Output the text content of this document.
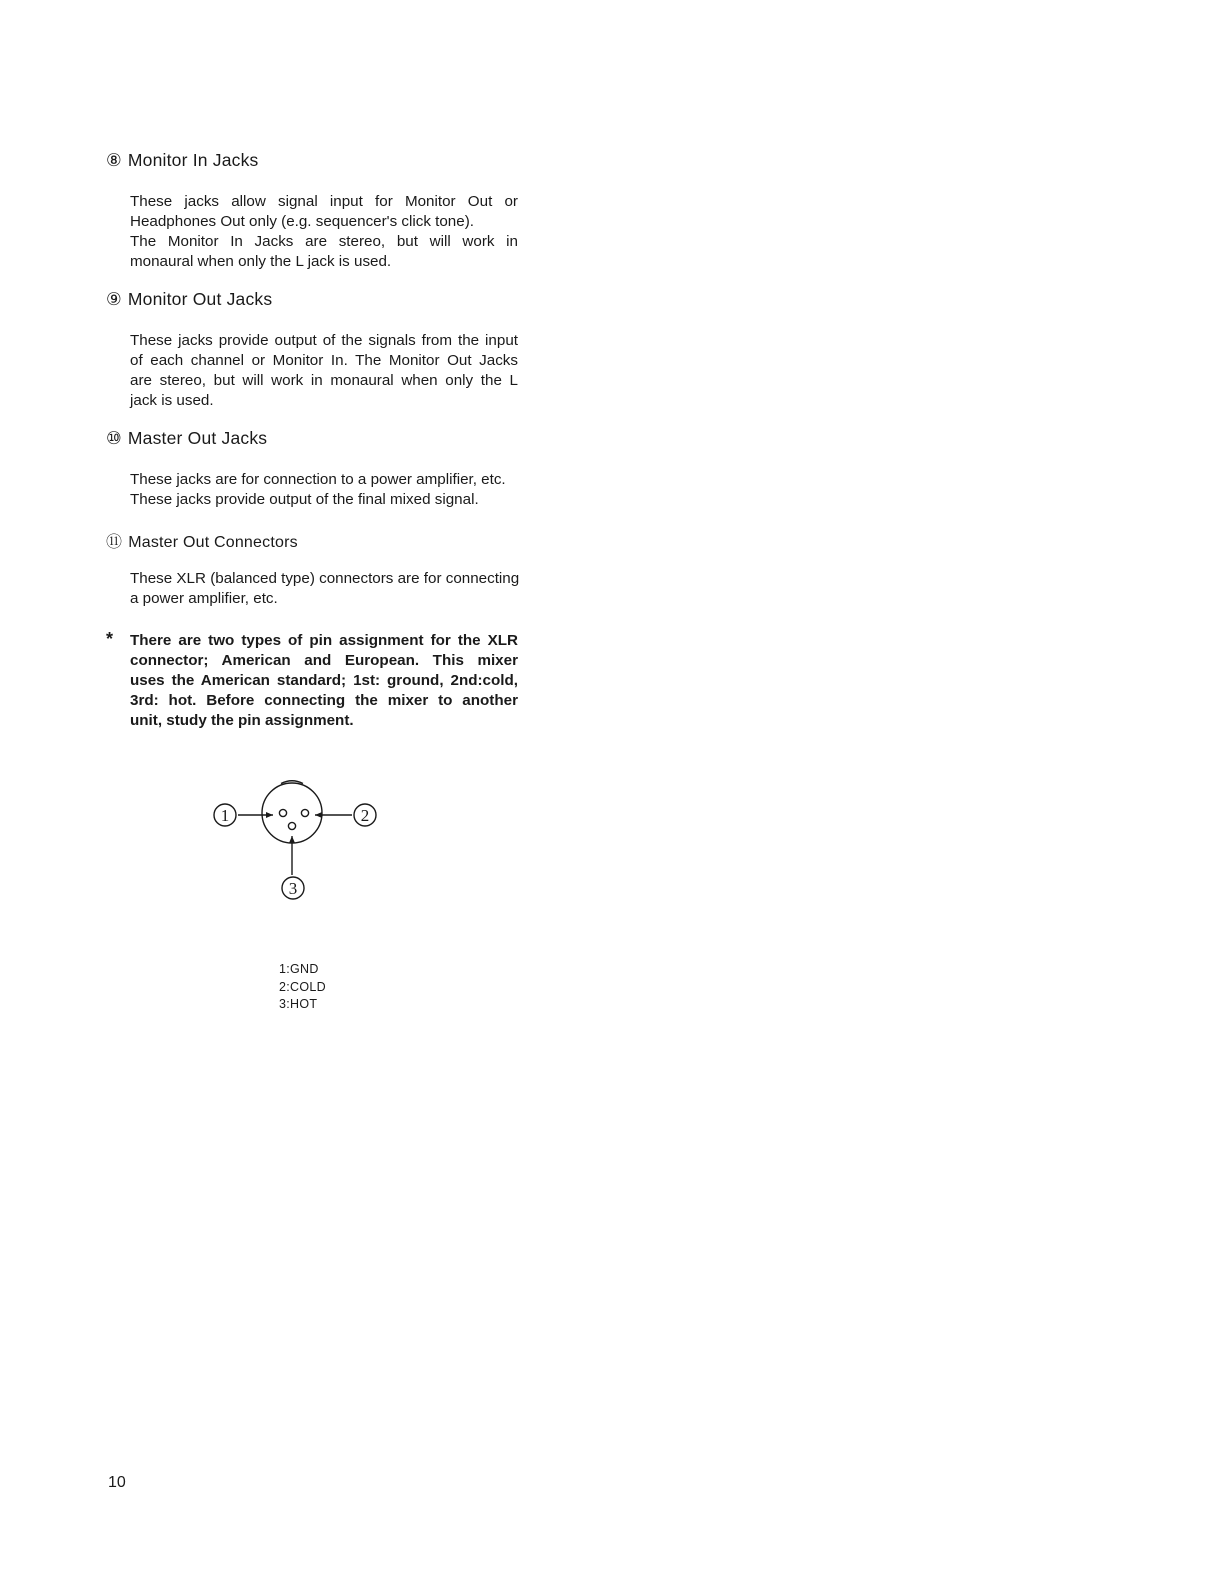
⑧ Monitor In Jacks

These jacks allow signal input for Monitor Out or
Headphones Out only (e.g. sequencer's click tone).
The Monitor In Jacks are stereo, but will work in
monaural when only the L jack is used.

⑨ Monitor Out Jacks

These jacks provide output of the signals from the input
of each channel or Monitor In. The Monitor Out Jacks
are stereo, but will work in monaural when only the L
jack is used.

⑩ Master Out Jacks

These jacks are for connection to a power amplifier, etc.
These jacks provide output of the final mixed signal.

⑪ Master Out Connectors

These XLR (balanced type) connectors are for connecting
a power amplifier, etc.

* There are two types of pin assignment for the XLR
connector; American and European. This mixer
uses the American standard; 1st: ground, 2nd:cold,
3rd: hot. Before connecting the mixer to another
unit, study the pin assignment.

1	2
3
1:GND
2:COLD
3:HOT
10
